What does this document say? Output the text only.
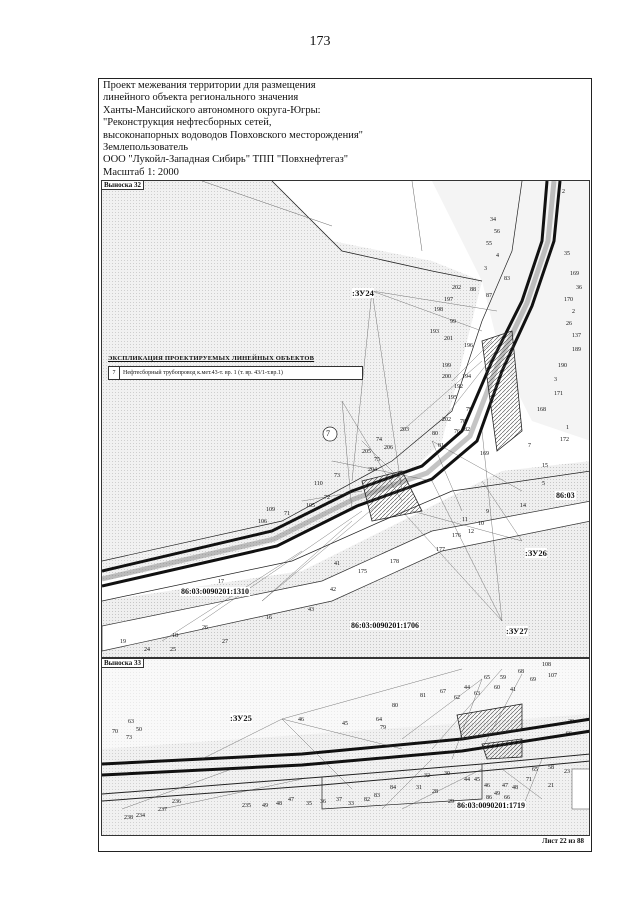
173
Проект межевания территории для размещения
линейного объекта регионального значения
Ханты-Мансийского автономного округа-Югры:
"Реконструкция нефтесборных сетей,
высоконапорных водоводов Повховского месторождения"
Землепользователь
ООО "Лукойл-Западная Сибирь" ТПП "Повхнефтегаз"
Масштаб 1: 2000
Выноска 32
7
:ЗУ24
:ЗУ26
:ЗУ27
86:03:0090201:1310
86:03:0090201:1706
86:03
34
56
55
4
3
83
202 88
87
197
198
99
193
201
196
199
200 194
192
195
2
35
169
36
170
2
26
137
189
190
3
171
168
172
1
15
79
78
76 82
203
80
81
202
74
206
205
75
204
73
110
72
105
109
71
106
169
10
12
11
9
176
177
178
175
41
42
43
16
17
26
27
18
19
25
24
5
7
14
ЭКСПЛИКАЦИЯ ПРОЕКТИРУЕМЫХ ЛИНЕЙНЫХ ОБЪЕКТОВ
7	Нефтесборный трубопровод к.мет.43-т. вр. 1 (т. вр. 43/1-т.вр.1)
Выноска 33
:ЗУ25
86:03:0090201:1719
108
68
107
69
65 59
60 41
44
67	63
62
81
80
46	64
45
79
63
50
73
70	66
20
58
23
21
32 30
44 45
46 47 48
49
66
71
65
84	31
29
28
86
83
82
33
37
36
35
47
48
49
235
236
237
234
238
Лист 22 из 88
